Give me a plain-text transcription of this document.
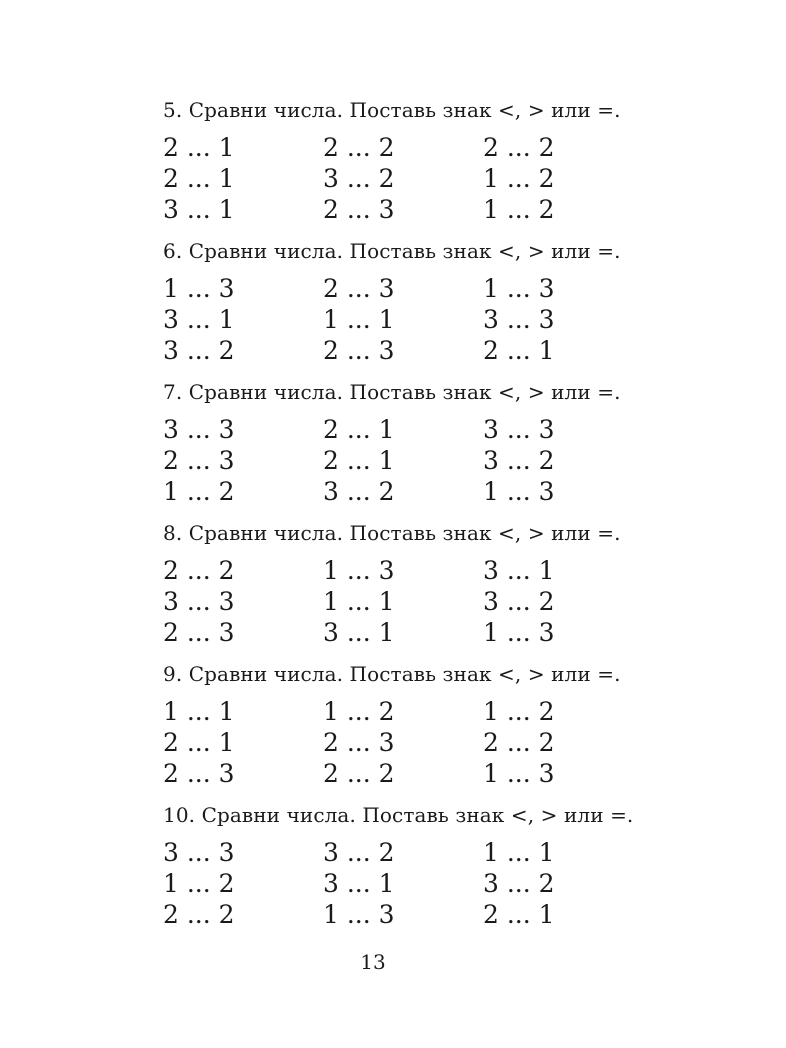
5. Сравни числа. Поставь знак <, > или =.
2 ... 1	2 ... 2	2 ... 2
2 ... 1	3 ... 2	1 ... 2
3 ... 1	2 ... 3	1 ... 2
6. Сравни числа. Поставь знак <, > или =.
1 ... 3	2 ... 3	1 ... 3
3 ... 1	1 ... 1	3 ... 3
3 ... 2	2 ... 3	2 ... 1
7. Сравни числа. Поставь знак <, > или =.
3 ... 3	2 ... 1	3 ... 3
2 ... 3	2 ... 1	3 ... 2
1 ... 2	3 ... 2	1 ... 3
8. Сравни числа. Поставь знак <, > или =.
2 ... 2	1 ... 3	3 ... 1
3 ... 3	1 ... 1	3 ... 2
2 ... 3	3 ... 1	1 ... 3
9. Сравни числа. Поставь знак <, > или =.
1 ... 1	1 ... 2	1 ... 2
2 ... 1	2 ... 3	2 ... 2
2 ... 3	2 ... 2	1 ... 3
10. Сравни числа. Поставь знак <, > или =.
3 ... 3	3 ... 2	1 ... 1
1 ... 2	3 ... 1	3 ... 2
2 ... 2	1 ... 3	2 ... 1
13
